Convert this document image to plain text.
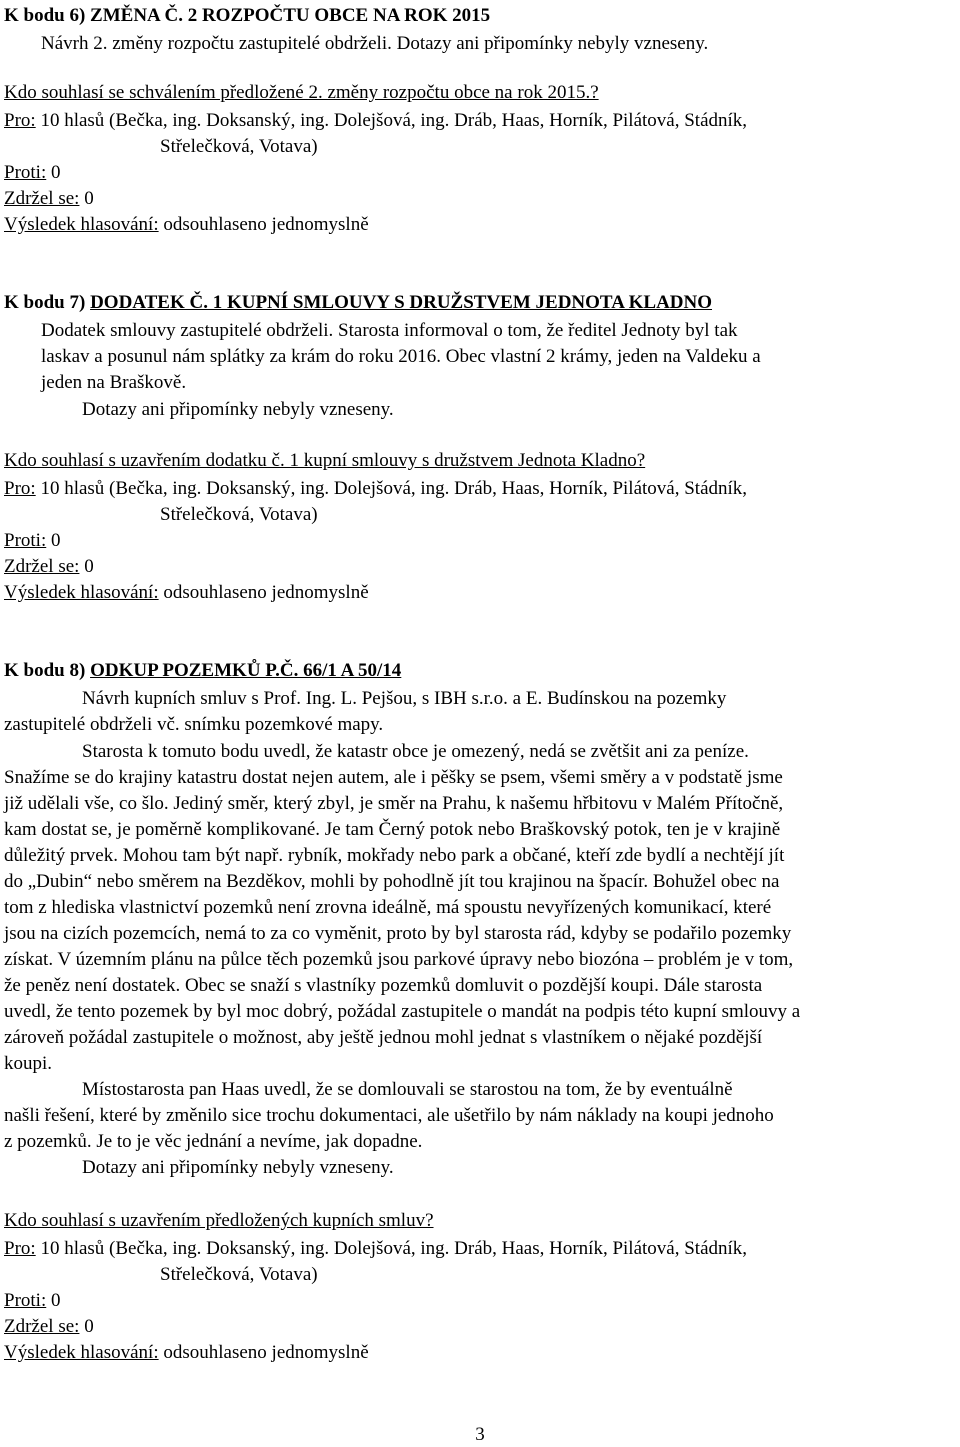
K bodu 6) ZMĚNA Č. 2 ROZPOČTU OBCE NA ROK 2015
Návrh 2. změny rozpočtu zastupitelé obdrželi. Dotazy ani připomínky nebyly vzneseny.
Kdo souhlasí se schválením předložené 2. změny rozpočtu obce na rok 2015.?
Pro: 10 hlasů (Bečka, ing. Doksanský, ing. Dolejšová, ing. Dráb, Haas, Horník, Pilátová, Stádník,
Střelečková, Votava)
Proti: 0
Zdržel se: 0
Výsledek hlasování: odsouhlaseno jednomyslně
K bodu 7) DODATEK Č. 1 KUPNÍ SMLOUVY S DRUŽSTVEM JEDNOTA KLADNO
Dodatek smlouvy zastupitelé obdrželi. Starosta informoval o tom, že ředitel Jednoty byl tak
laskav a posunul nám splátky za krám do roku 2016. Obec vlastní 2 krámy, jeden na Valdeku a
jeden na Braškově.
Dotazy ani připomínky nebyly vzneseny.
Kdo souhlasí s uzavřením dodatku č. 1 kupní smlouvy s družstvem Jednota Kladno?
Pro: 10 hlasů (Bečka, ing. Doksanský, ing. Dolejšová, ing. Dráb, Haas, Horník, Pilátová, Stádník,
Střelečková, Votava)
Proti: 0
Zdržel se: 0
Výsledek hlasování: odsouhlaseno jednomyslně
K bodu 8) ODKUP POZEMKŮ P.Č. 66/1 A 50/14
Návrh kupních smluv s Prof. Ing. L. Pejšou, s IBH s.r.o. a E. Budínskou na pozemky
zastupitelé obdrželi vč. snímku pozemkové mapy.
Starosta k tomuto bodu uvedl, že katastr obce je omezený, nedá se zvětšit ani za peníze.
Snažíme se do krajiny katastru dostat nejen autem, ale i pěšky se psem, všemi směry a v podstatě jsme
již udělali vše, co šlo. Jediný směr, který zbyl, je směr na Prahu, k našemu hřbitovu v Malém Přítočně,
kam dostat se, je poměrně komplikované. Je tam Černý potok nebo Braškovský potok, ten je v krajině
důležitý prvek. Mohou tam být např. rybník, mokřady nebo park a občané, kteří zde bydlí a nechtějí jít
do „Dubin“ nebo směrem na Bezděkov, mohli by pohodlně jít tou krajinou na špacír. Bohužel obec na
tom z hlediska vlastnictví pozemků není zrovna ideálně, má spoustu nevyřízených komunikací, které
jsou na cizích pozemcích, nemá to za co vyměnit, proto by byl starosta rád, kdyby se podařilo pozemky
získat. V územním plánu na půlce těch pozemků jsou parkové úpravy nebo biozóna – problém je v tom,
že peněz není dostatek. Obec se snaží s vlastníky pozemků domluvit o pozdější koupi. Dále starosta
uvedl, že tento pozemek by byl moc dobrý, požádal zastupitele o mandát na podpis této kupní smlouvy a
zároveň požádal zastupitele o možnost, aby ještě jednou mohl jednat s vlastníkem o nějaké pozdější
koupi.
Místostarosta pan Haas uvedl, že se domlouvali se starostou na tom, že by eventuálně
našli řešení, které by změnilo sice trochu dokumentaci, ale ušetřilo by nám náklady na koupi jednoho
z pozemků. Je to je věc jednání a nevíme, jak dopadne.
Dotazy ani připomínky nebyly vzneseny.
Kdo souhlasí s uzavřením předložených kupních smluv?
Pro: 10 hlasů (Bečka, ing. Doksanský, ing. Dolejšová, ing. Dráb, Haas, Horník, Pilátová, Stádník,
Střelečková, Votava)
Proti: 0
Zdržel se: 0
Výsledek hlasování: odsouhlaseno jednomyslně
3
